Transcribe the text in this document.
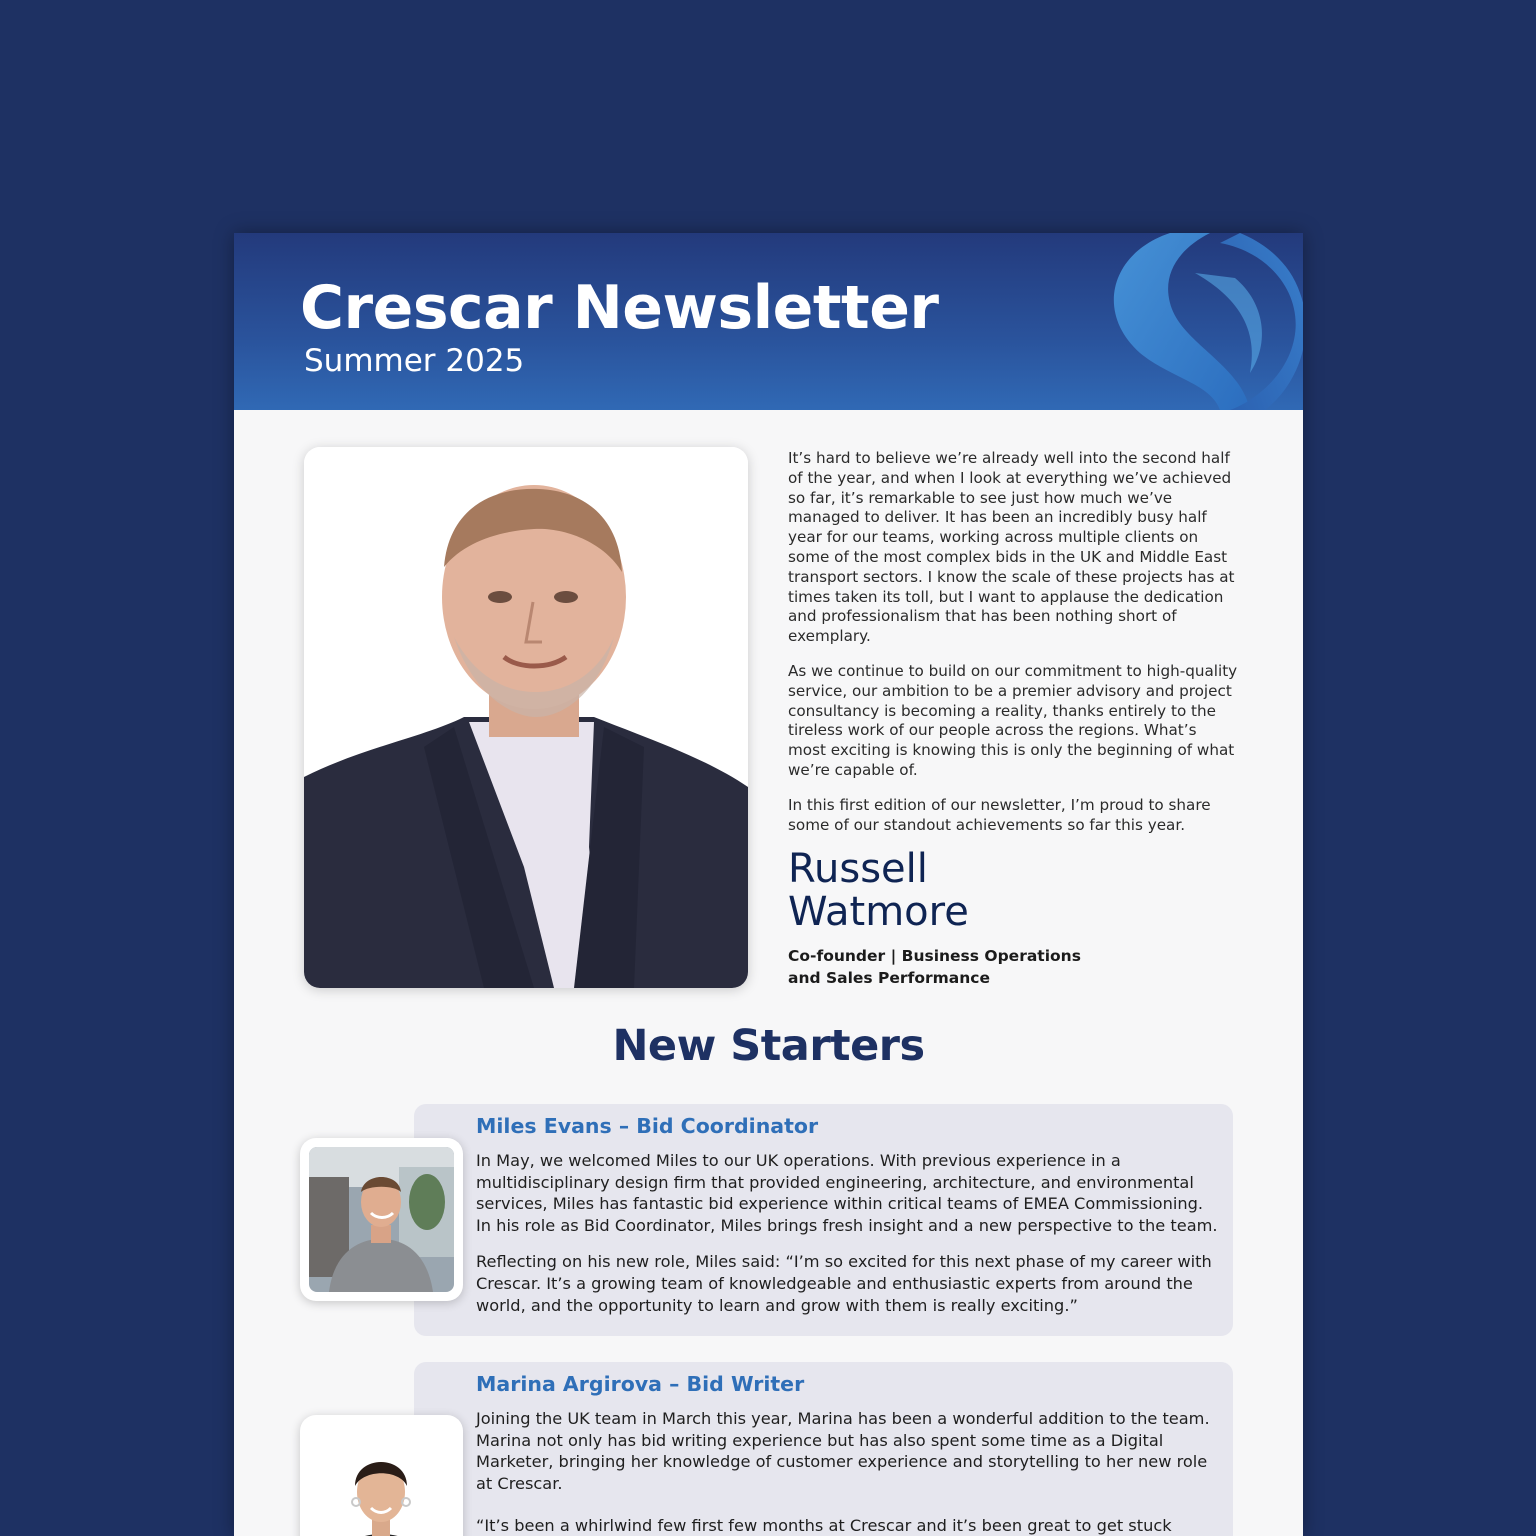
Crescar Newsletter
Summer 2025

It’s hard to believe we’re already well into the second half of the year, and when I look at everything we’ve achieved so far, it’s remarkable to see just how much we’ve managed to deliver. It has been an incredibly busy half year for our teams, working across multiple clients on some of the most complex bids in the UK and Middle East transport sectors. I know the scale of these projects has at times taken its toll, but I want to applause the dedication and professionalism that has been nothing short of exemplary.

As we continue to build on our commitment to high-quality service, our ambition to be a premier advisory and project consultancy is becoming a reality, thanks entirely to the tireless work of our people across the regions. What’s most exciting is knowing this is only the beginning of what we’re capable of.

In this first edition of our newsletter, I’m proud to share some of our standout achievements so far this year.

Russell
Watmore
Co-founder | Business Operations
and Sales Performance
New Starters
Miles Evans – Bid Coordinator

In May, we welcomed Miles to our UK operations. With previous experience in a multidisciplinary design firm that provided engineering, architecture, and environmental services, Miles has fantastic bid experience within critical teams of EMEA Commissioning. In his role as Bid Coordinator, Miles brings fresh insight and a new perspective to the team.

Reflecting on his new role, Miles said: “I’m so excited for this next phase of my career with Crescar. It’s a growing team of knowledgeable and enthusiastic experts from around the world, and the opportunity to learn and grow with them is really exciting.”

Marina Argirova – Bid Writer

Joining the UK team in March this year, Marina has been a wonderful addition to the team. Marina not only has bid writing experience but has also spent some time as a Digital Marketer, bringing her knowledge of customer experience and storytelling to her new role at Crescar.

“It’s been a whirlwind few first few months at Crescar and it’s been great to get stuck
